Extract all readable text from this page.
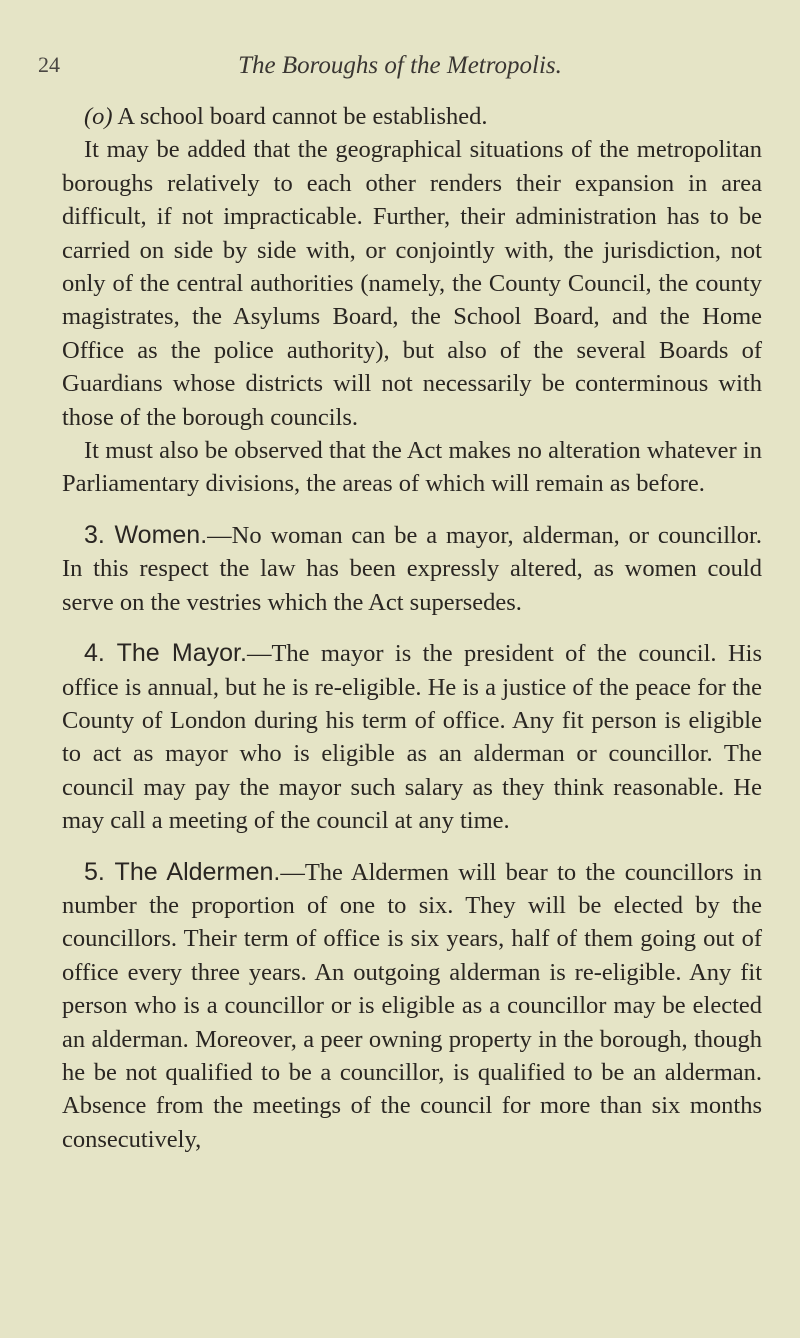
24	The Boroughs of the Metropolis.

(o) A school board cannot be established.

It may be added that the geographical situations of the metropolitan boroughs relatively to each other renders their expansion in area difficult, if not impracticable. Further, their administration has to be carried on side by side with, or conjointly with, the jurisdiction, not only of the central authorities (namely, the County Council, the county magistrates, the Asylums Board, the School Board, and the Home Office as the police authority), but also of the several Boards of Guardians whose districts will not necessarily be conterminous with those of the borough councils.

It must also be observed that the Act makes no alteration whatever in Parliamentary divisions, the areas of which will remain as before.

3. Women.—No woman can be a mayor, alderman, or councillor. In this respect the law has been expressly altered, as women could serve on the vestries which the Act supersedes.

4. The Mayor.—The mayor is the president of the council. His office is annual, but he is re-eligible. He is a justice of the peace for the County of London during his term of office. Any fit person is eligible to act as mayor who is eligible as an alderman or councillor. The council may pay the mayor such salary as they think reasonable. He may call a meeting of the council at any time.

5. The Aldermen.—The Aldermen will bear to the councillors in number the proportion of one to six. They will be elected by the councillors. Their term of office is six years, half of them going out of office every three years. An outgoing alderman is re-eligible. Any fit person who is a councillor or is eligible as a councillor may be elected an alderman. Moreover, a peer owning property in the borough, though he be not qualified to be a councillor, is qualified to be an alderman. Absence from the meetings of the council for more than six months consecutively,
